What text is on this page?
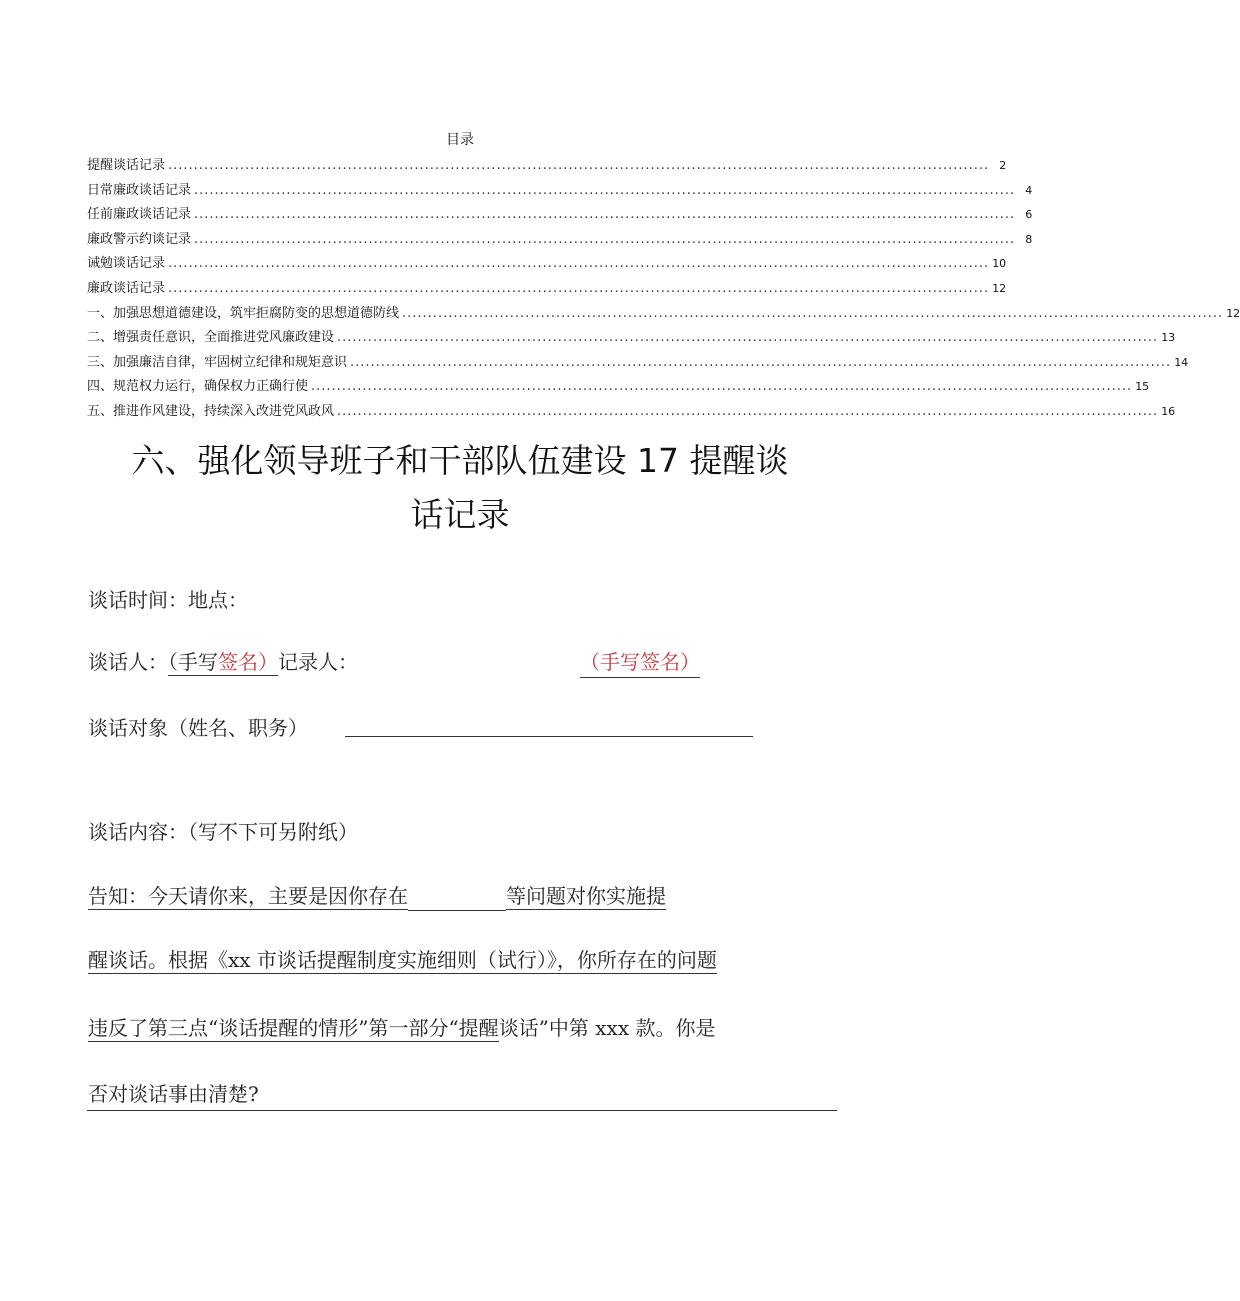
目录
提醒谈话记录 ................................................................................................................................................................ 2
日常廉政谈话记录 ................................................................................................................................................................ 4
任前廉政谈话记录 ................................................................................................................................................................ 6
廉政警示约谈记录 ................................................................................................................................................................ 8
诫勉谈话记录 ................................................................................................................................................................ 10
廉政谈话记录 ................................................................................................................................................................ 12
一、加强思想道德建设，筑牢拒腐防变的思想道德防线 ................................................................................................................................................................ 12
二、增强责任意识，全面推进党风廉政建设 ................................................................................................................................................................ 13
三、加强廉洁自律，牢固树立纪律和规矩意识 ................................................................................................................................................................ 14
四、规范权力运行，确保权力正确行使 ................................................................................................................................................................ 15
五、推进作风建设，持续深入改进党风政风 ................................................................................................................................................................ 16
六、强化领导班子和干部队伍建设 17 提醒谈
话记录
谈话时间：地点：
谈话人：（手写签名）记录人：	（手写签名）
谈话对象（姓名、职务）
谈话内容：（写不下可另附纸）
告知：今天请你来，主要是因你存在	等问题对你实施提
醒谈话。根据《xx 市谈话提醒制度实施细则（试行）》，你所存在的问题
违反了第三点“谈话提醒的情形”第一部分“提醒谈话”中第 xxx 款。你是
否对谈话事由清楚?
